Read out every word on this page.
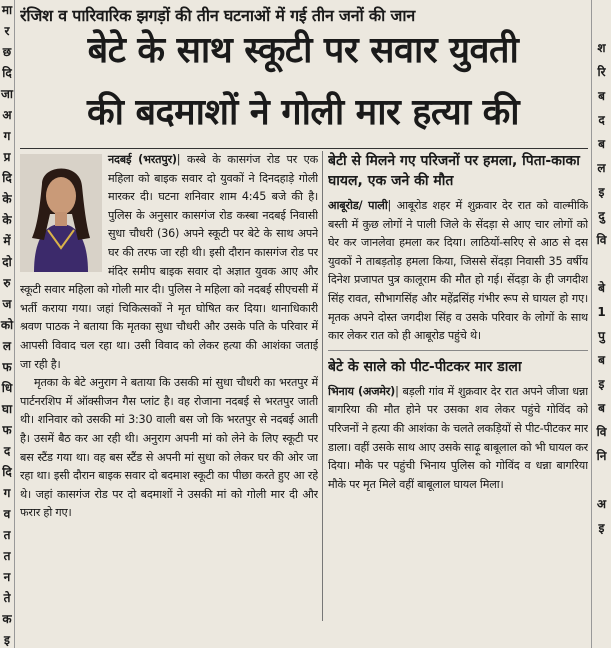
मा
र
छ
दि
जा
अ
ग
प्र
दि
के
के
में
दो
रु
ज
को
ल
फ
धि
घा
फ
द
दि
ग
व
त
त
न
ते
क
इ
श
रि
ब
द
ब
ल
इ
दु
वि
बे
1
पु
ब
इ
ब
वि
नि
अ
इ
रंजिश व पारिवारिक झगड़ों की तीन घटनाओं में गई तीन जनों की जान
बेटे के साथ स्कूटी पर सवार युवती
की बदमाशों ने गोली मार हत्या की

नदबई (भरतपुर)| कस्बे के कासगंज रोड पर एक महिला को बाइक सवार दो युवकों ने दिनदहाड़े गोली मारकर दी। घटना शनिवार शाम 4:45 बजे की है। पुलिस के अनुसार कासगंज रोड कस्बा नदबई निवासी सुधा चौधरी (36) अपने स्कूटी पर बेटे के साथ अपने घर की तरफ जा रही थी। इसी दौरान कासगंज रोड पर मंदिर समीप बाइक सवार दो अज्ञात युवक आए और स्कूटी सवार महिला को गोली मार दी। पुलिस ने महिला को नदबई सीएचसी में भर्ती कराया गया। जहां चिकित्सकों ने मृत घोषित कर दिया। थानाधिकारी श्रवण पाठक ने बताया कि मृतका सुधा चौधरी और उसके पति के परिवार में आपसी विवाद चल रहा था। उसी विवाद को लेकर हत्या की आशंका जताई जा रही है।

मृतका के बेटे अनुराग ने बताया कि उसकी मां सुधा चौधरी का भरतपुर में पार्टनरशिप में ऑक्सीजन गैस प्लांट है। वह रोजाना नदबई से भरतपुर जाती थी। शनिवार को उसकी मां 3:30 वाली बस जो कि भरतपुर से नदबई आती है। उसमें बैठ कर आ रही थी। अनुराग अपनी मां को लेने के लिए स्कूटी पर बस स्टैंड गया था। वह बस स्टैंड से अपनी मां सुधा को लेकर घर की ओर जा रहा था। इसी दौरान बाइक सवार दो बदमाश स्कूटी का पीछा करते हुए आ रहे थे। जहां कासगंज रोड पर दो बदमाशों ने उसकी मां को गोली मार दी और फरार हो गए।

बेटी से मिलने गए परिजनों पर हमला, पिता-काका घायल, एक जने की मौत
आबूरोड/ पाली| आबूरोड शहर में शुक्रवार देर रात को वाल्मीकि बस्ती में कुछ लोगों ने पाली जिले के सेंदड़ा से आए चार लोगों को घेर कर जानलेवा हमला कर दिया। लाठियों-सरिए से आठ से दस युवकों ने ताबड़तोड़ हमला किया, जिससे सेंदड़ा निवासी 35 वर्षीय दिनेश प्रजापत पुत्र कालूराम की मौत हो गई। सेंदड़ा के ही जगदीश सिंह रावत, सौभागसिंह और महेंद्रसिंह गंभीर रूप से घायल हो गए। मृतक अपने दोस्त जगदीश सिंह व उसके परिवार के लोगों के साथ कार लेकर रात को ही आबूरोड पहुंचे थे।
बेटे के साले को पीट-पीटकर मार डाला
भिनाय (अजमेर)| बड़ली गांव में शुक्रवार देर रात अपने जीजा धन्ना बागरिया की मौत होने पर उसका शव लेकर पहुंचे गोविंद को परिजनों ने हत्या की आशंका के चलते लकड़ियों से पीट-पीटकर मार डाला। वहीं उसके साथ आए उसके साढ़ू बाबूलाल को भी घायल कर दिया। मौके पर पहुंची भिनाय पुलिस को गोविंद व धन्ना बागरिया मौके पर मृत मिले वहीं बाबूलाल घायल मिला।
